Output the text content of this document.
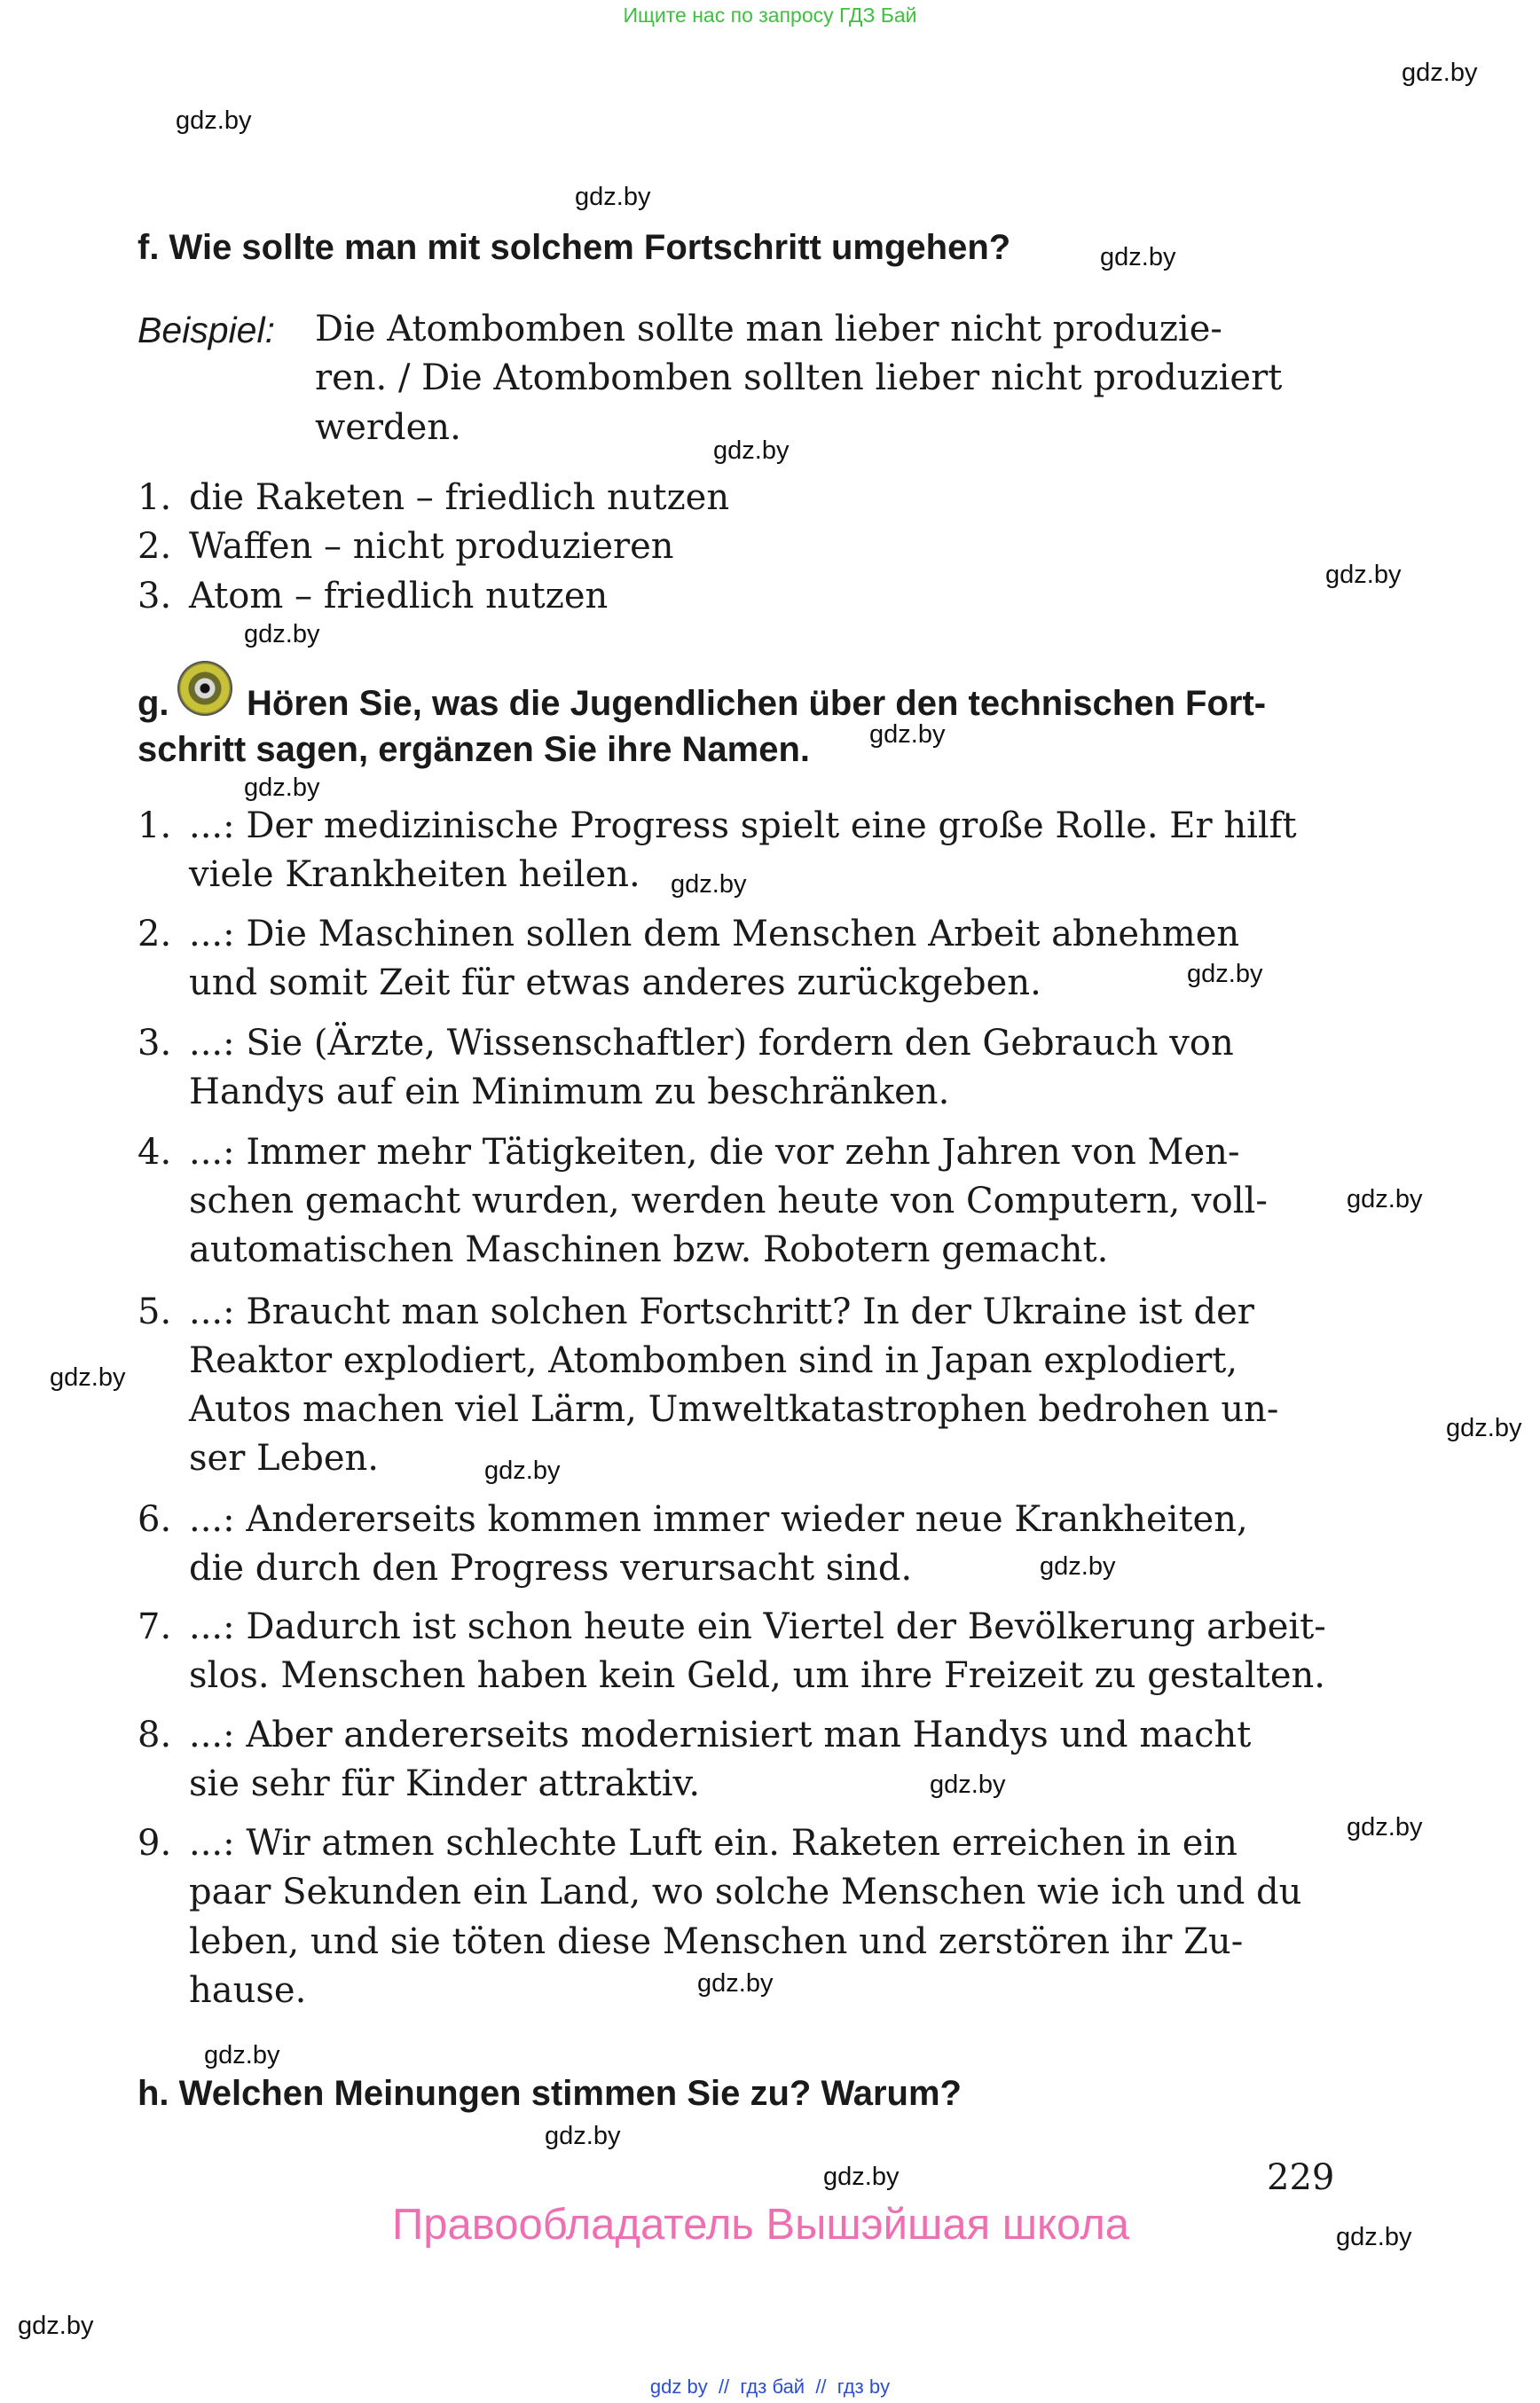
Ищите нас по запросу ГДЗ Бай
gdz.by
gdz.by
gdz.by
gdz.by
gdz.by
gdz.by
gdz.by
gdz.by
gdz.by
gdz.by
gdz.by
gdz.by
gdz.by
gdz.by
gdz.by
gdz.by
gdz.by
gdz.by
gdz.by
gdz.by
gdz.by
gdz.by
gdz.by
gdz.by
f. Wie sollte man mit solchem Fortschritt umgehen?
Beispiel: Die Atombomben sollte man lieber nicht produzie-
ren. / Die Atombomben sollten lieber nicht produziert
werden.
1. die Raketen – friedlich nutzen
2. Waffen – nicht produzieren
3. Atom – friedlich nutzen
g. Hören Sie, was die Jugendlichen über den technischen Fort-
schritt sagen, ergänzen Sie ihre Namen.
1. ...: Der medizinische Progress spielt eine große Rolle. Er hilft
viele Krankheiten heilen.
2. ...: Die Maschinen sollen dem Menschen Arbeit abnehmen
und somit Zeit für etwas anderes zurückgeben.
3. ...: Sie (Ärzte, Wissenschaftler) fordern den Gebrauch von
Handys auf ein Minimum zu beschränken.
4. ...: Immer mehr Tätigkeiten, die vor zehn Jahren von Men-
schen gemacht wurden, werden heute von Computern, voll-
automatischen Maschinen bzw. Robotern gemacht.
5. ...: Braucht man solchen Fortschritt? In der Ukraine ist der
Reaktor explodiert, Atombomben sind in Japan explodiert,
Autos machen viel Lärm, Umweltkatastrophen bedrohen un-
ser Leben.
6. ...: Andererseits kommen immer wieder neue Krankheiten,
die durch den Progress verursacht sind.
7. ...: Dadurch ist schon heute ein Viertel der Bevölkerung arbeit-
slos. Menschen haben kein Geld, um ihre Freizeit zu gestalten.
8. ...: Aber andererseits modernisiert man Handys und macht
sie sehr für Kinder attraktiv.
9. ...: Wir atmen schlechte Luft ein. Raketen erreichen in ein
paar Sekunden ein Land, wo solche Menschen wie ich und du
leben, und sie töten diese Menschen und zerstören ihr Zu-
hause.
h. Welchen Meinungen stimmen Sie zu? Warum?
229
Правообладатель Вышэйшая школа
gdz by  //  гдз бай  //  гдз by
